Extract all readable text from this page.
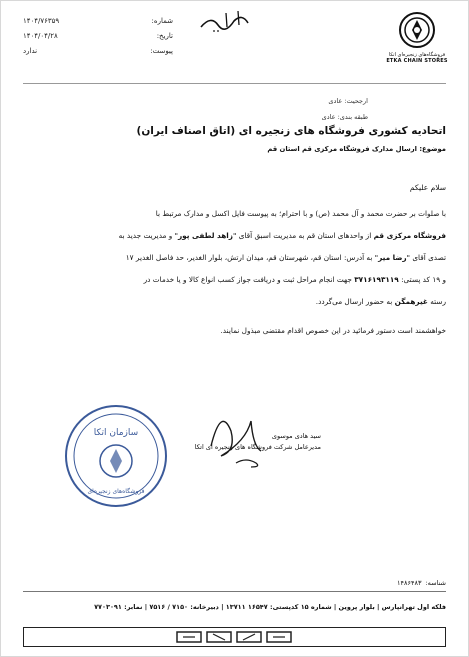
فروشگاه‌های زنجیره‌ای اتکا
ETKA CHAIN STORES
شماره:
۱۴۰۴/۷۶۳۵۹
تاریخ:
۱۴۰۴/۰۴/۲۸
پیوست:
ندارد
ارجحیت: عادی
طبقه بندی: عادی
اتحادیه کشوری فروشگاه های زنجیره ای (اتاق اصناف ایران)
موضوع: ارسال مدارک فروشگاه مرکزی قم استان قم
سلام علیکم
با صلوات بر حضرت محمد و آل محمد (ص) و با احترام؛ به پیوست فایل اکسل و مدارک مرتبط با
فروشگاه مرکزی قم از واحدهای استان قم به مدیریت اسبق آقای "زاهد لطفی پور" و مدیریت جدید به
تصدی آقای "رضا میر" به آدرس: استان قم، شهرستان قم، میدان ارتش، بلوار الغدیر، حد فاصل الغدیر ۱۷
و ۱۹ کد پستی: ۳۷۱۶۱۹۳۱۱۹ جهت انجام مراحل ثبت و دریافت جواز کسب انواع کالا و یا خدمات در
رسته غیرهمگن به حضور ارسال می‌گردد.
خواهشمند است دستور فرمائید در این خصوص اقدام مقتضی مبذول نمایند.
سازمان اتکا
فروشگاه‌های زنجیره‌ای
سید هادی موسوی
مدیرعامل شرکت فروشگاه های زنجیره ای اتکا
شناسه:
۱۴۸۶۴۸۳
فلکه اول تهرانپارس | بلوار پروین | شماره ۱۵ کدپستی: ۱۶۵۴۷ ۱۳۷۱۱ | دبیرخانه: ۷۱۵۰ / ۷۵۱۶ | نمابر: ۷۷۰۳۰۹۱
